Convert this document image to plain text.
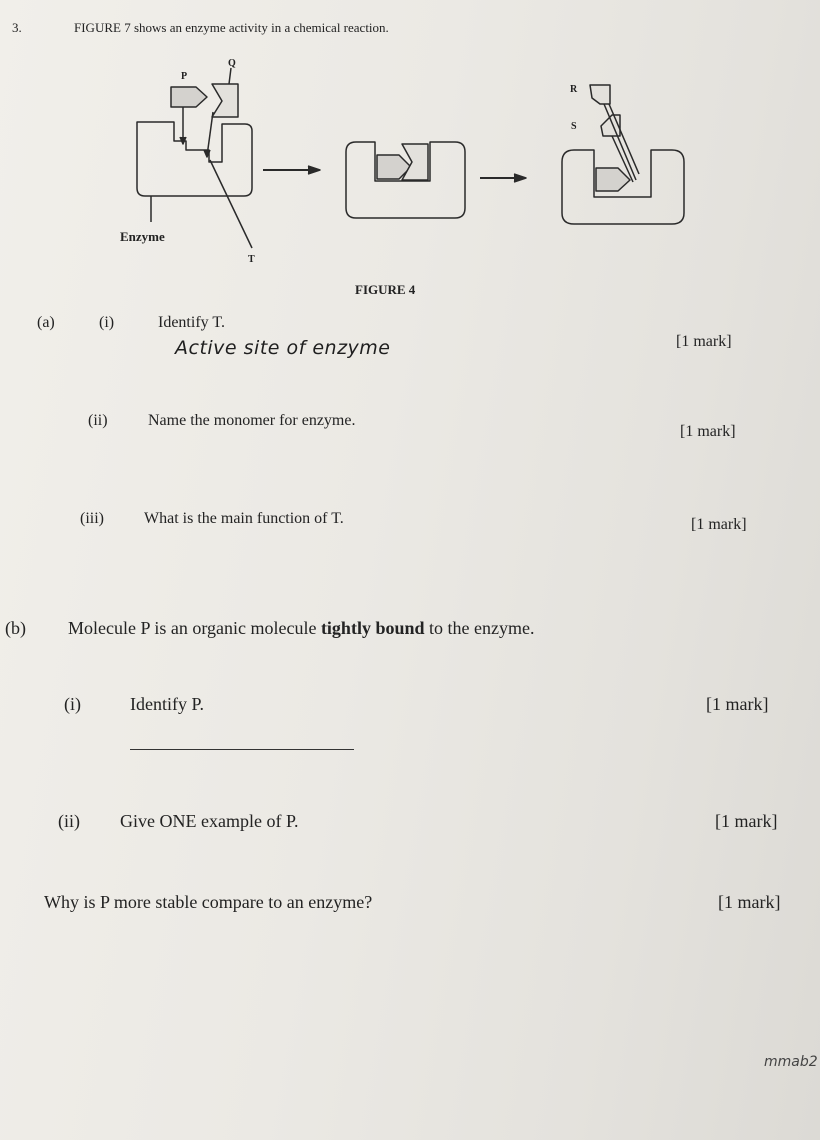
3.	FIGURE 7 shows an enzyme activity in a chemical reaction.
P
Q
R
S
Enzyme
T
FIGURE 4
(a)	(i)	Identify T.
[1 mark]
Active site of enzyme
(ii)	Name the monomer for enzyme.
[1 mark]
(iii)	What is the main function of T.	[1 mark]
(b) Molecule P is an organic molecule tightly bound to the enzyme.
(i)	Identify P.	[1 mark]
(ii) Give ONE example of P.	[1 mark]
Why is P more stable compare to an enzyme?	[1 mark]
mmab2
